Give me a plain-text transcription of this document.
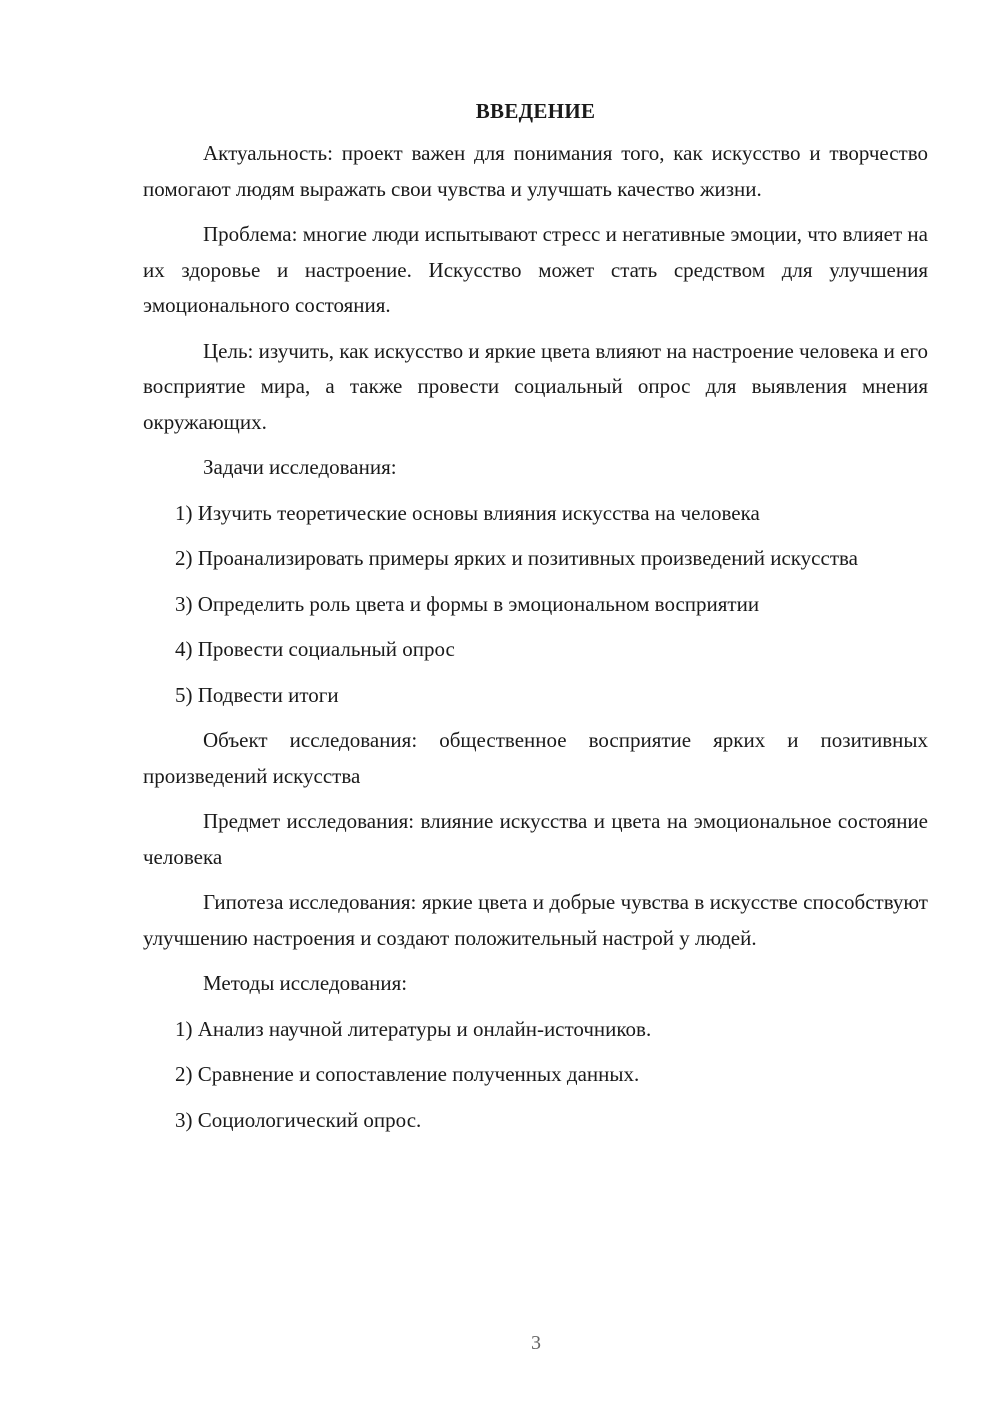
ВВЕДЕНИЕ

Актуальность: проект важен для понимания того, как искусство и творчество помогают людям выражать свои чувства и улучшать качество жизни.

Проблема: многие люди испытывают стресс и негативные эмоции, что влияет на их здоровье и настроение. Искусство может стать средством для улучшения эмоционального состояния.

Цель: изучить, как искусство и яркие цвета влияют на настроение человека и его восприятие мира, а также провести социальный опрос для выявления мнения окружающих.

Задачи исследования:

1) Изучить теоретические основы влияния искусства на человека

2) Проанализировать примеры ярких и позитивных произведений искусства

3) Определить роль цвета и формы в эмоциональном восприятии

4) Провести социальный опрос

5) Подвести итоги

Объект исследования: общественное восприятие ярких и позитивных произведений искусства

Предмет исследования: влияние искусства и цвета на эмоциональное состояние человека

Гипотеза исследования: яркие цвета и добрые чувства в искусстве способствуют улучшению настроения и создают положительный настрой у людей.

Методы исследования:

1) Анализ научной литературы и онлайн-источников.

2) Сравнение и сопоставление полученных данных.

3) Социологический опрос.

3
